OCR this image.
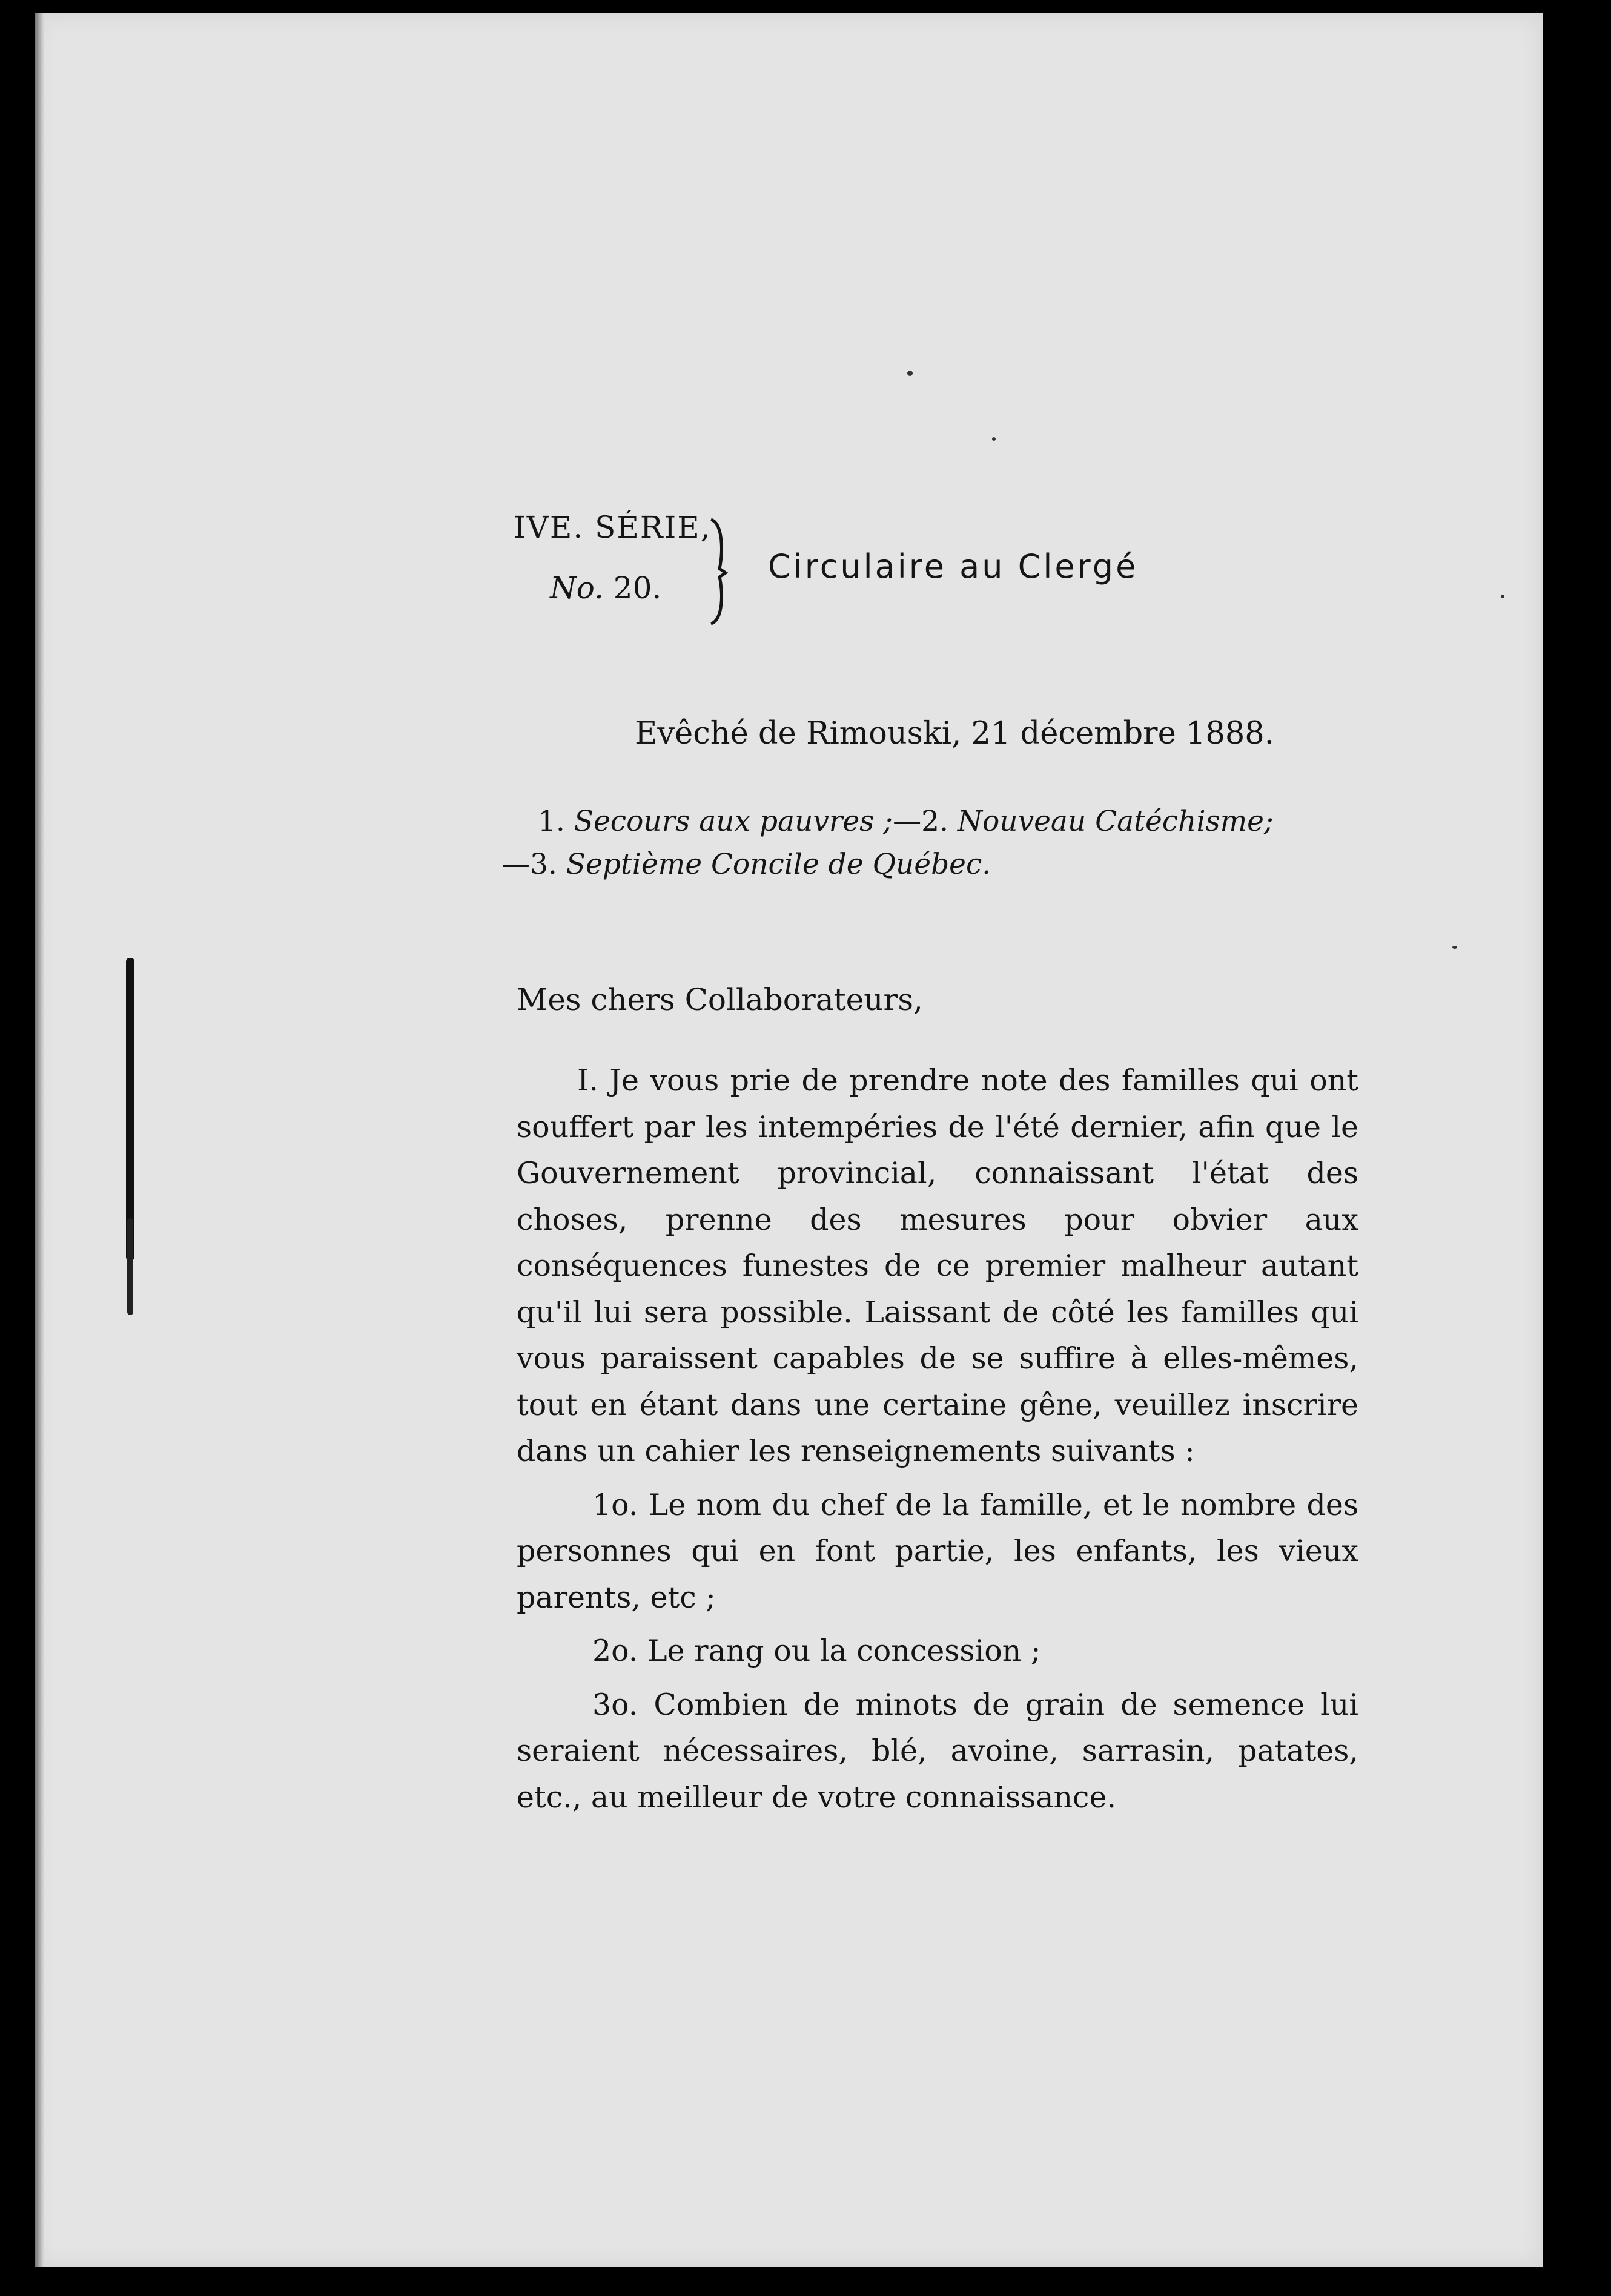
IVE. SÉRIE,
No. 20.
Circulaire au Clergé
Evêché de Rimouski, 21 décembre 1888.
1. Secours aux pauvres ;—2. Nouveau Catéchisme;
—3. Septième Concile de Québec.
Mes chers Collaborateurs,

I. Je vous prie de prendre note des familles qui ont souffert par les intempéries de l'été dernier, afin que le Gouvernement provincial, connaissant l'état des choses, prenne des mesures pour obvier aux conséquences funestes de ce premier malheur autant qu'il lui sera possible. Laissant de côté les familles qui vous paraissent capables de se suffire à elles-mêmes, tout en étant dans une certaine gêne, veuillez inscrire dans un cahier les renseignements suivants :

1o. Le nom du chef de la famille, et le nombre des personnes qui en font partie, les enfants, les vieux parents, etc ;

2o. Le rang ou la concession ;

3o. Combien de minots de grain de semence lui seraient nécessaires, blé, avoine, sarrasin, patates, etc., au meilleur de votre connaissance.
